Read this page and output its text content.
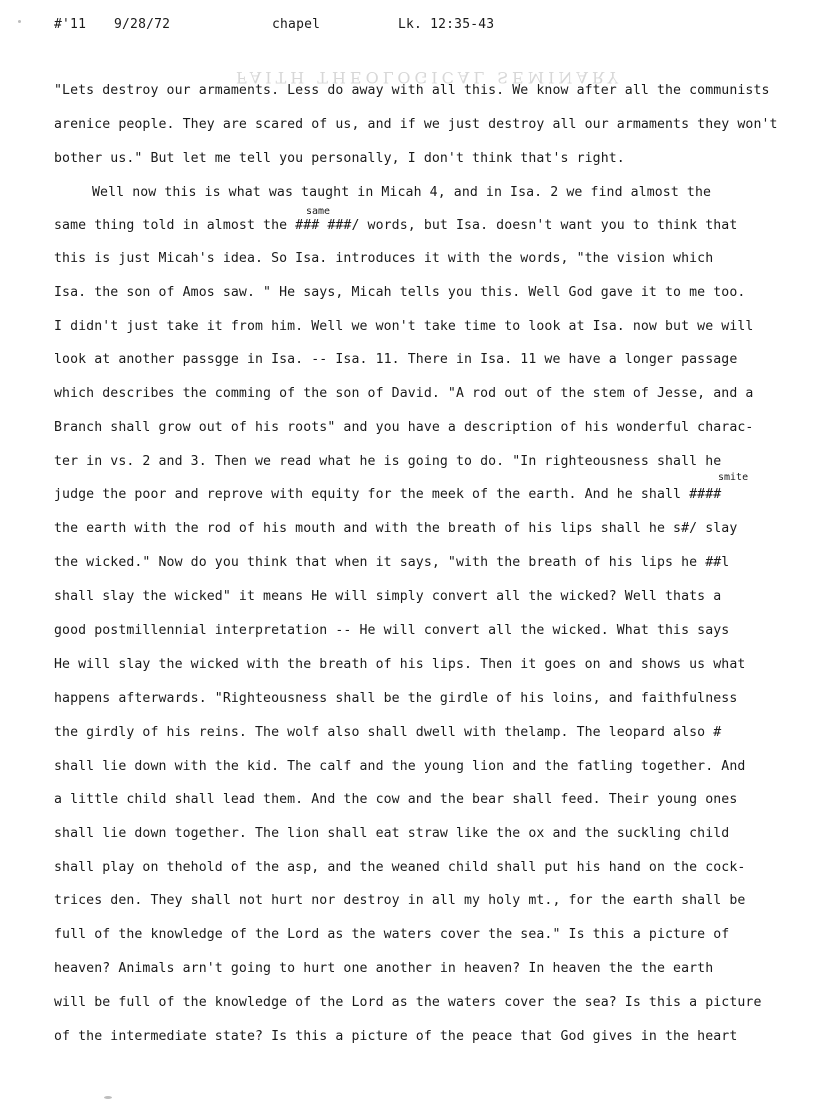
FAITH THEOLOGICAL SEMINARY
#'11 9/28/72	chapel	Lk. 12:35-43
same
smite
"Lets destroy our armaments. Less do away with all this. We know after all the communists
arenice people. They are scared of us, and if we just destroy all our armaments they won't
bother us." But let me tell you personally, I don't think that's right.
Well now this is what was taught in Micah 4, and in Isa. 2 we find almost the
same thing told in almost the ### ###/ words, but Isa. doesn't want you to think that
this is just Micah's idea. So Isa. introduces it with the words, "the vision which
Isa. the son of Amos saw. " He says, Micah tells you this. Well God gave it to me too.
I didn't just take it from him. Well we won't take time to look at Isa. now but we will
look at another passgge in Isa. -- Isa. 11. There in Isa. 11 we have a longer passage
which describes the comming of the son of David. "A rod out of the stem of Jesse, and a
Branch shall grow out of his roots" and you have a description of his wonderful charac-
ter in vs. 2 and 3. Then we read what he is going to do. "In righteousness shall he
judge the poor and reprove with equity for the meek of the earth. And he shall ####
the earth with the rod of his mouth and with the breath of his lips shall he s#/ slay
the wicked." Now do you think that when it says, "with the breath of his lips he ##l
shall slay the wicked" it means He will simply convert all the wicked? Well thats a
good postmillennial interpretation -- He will convert all the wicked. What this says
He will slay the wicked with the breath of his lips. Then it goes on and shows us what
happens afterwards. "Righteousness shall be the girdle of his lоins, and faithfulness
the girdly of his reins. The wolf also shall dwell with thelamp. The leopard also #
shall lie down with the kid. The calf and the young lion and the fatling together. And
a little child shall lead them. And the cow and the bear shall feed. Their young ones
shall lie down together. The lion shall eat straw like the ox and the suckling child
shall play on thehold of the asp, and the weaned child shall put his hand on the cock-
trices den. They shall not hurt nor destroy in all my holy mt., for the earth shall be
full of the knowledge of the Lord as the waters cover the sea." Is this a picture of
heaven? Animals arn't going to hurt one another in heaven? In heaven the the earth
will be full of the knowledge of the Lord as the waters cover the sea? Is this a picture
of the intermediate state? Is this a picture of the peace that God gives in the heart
